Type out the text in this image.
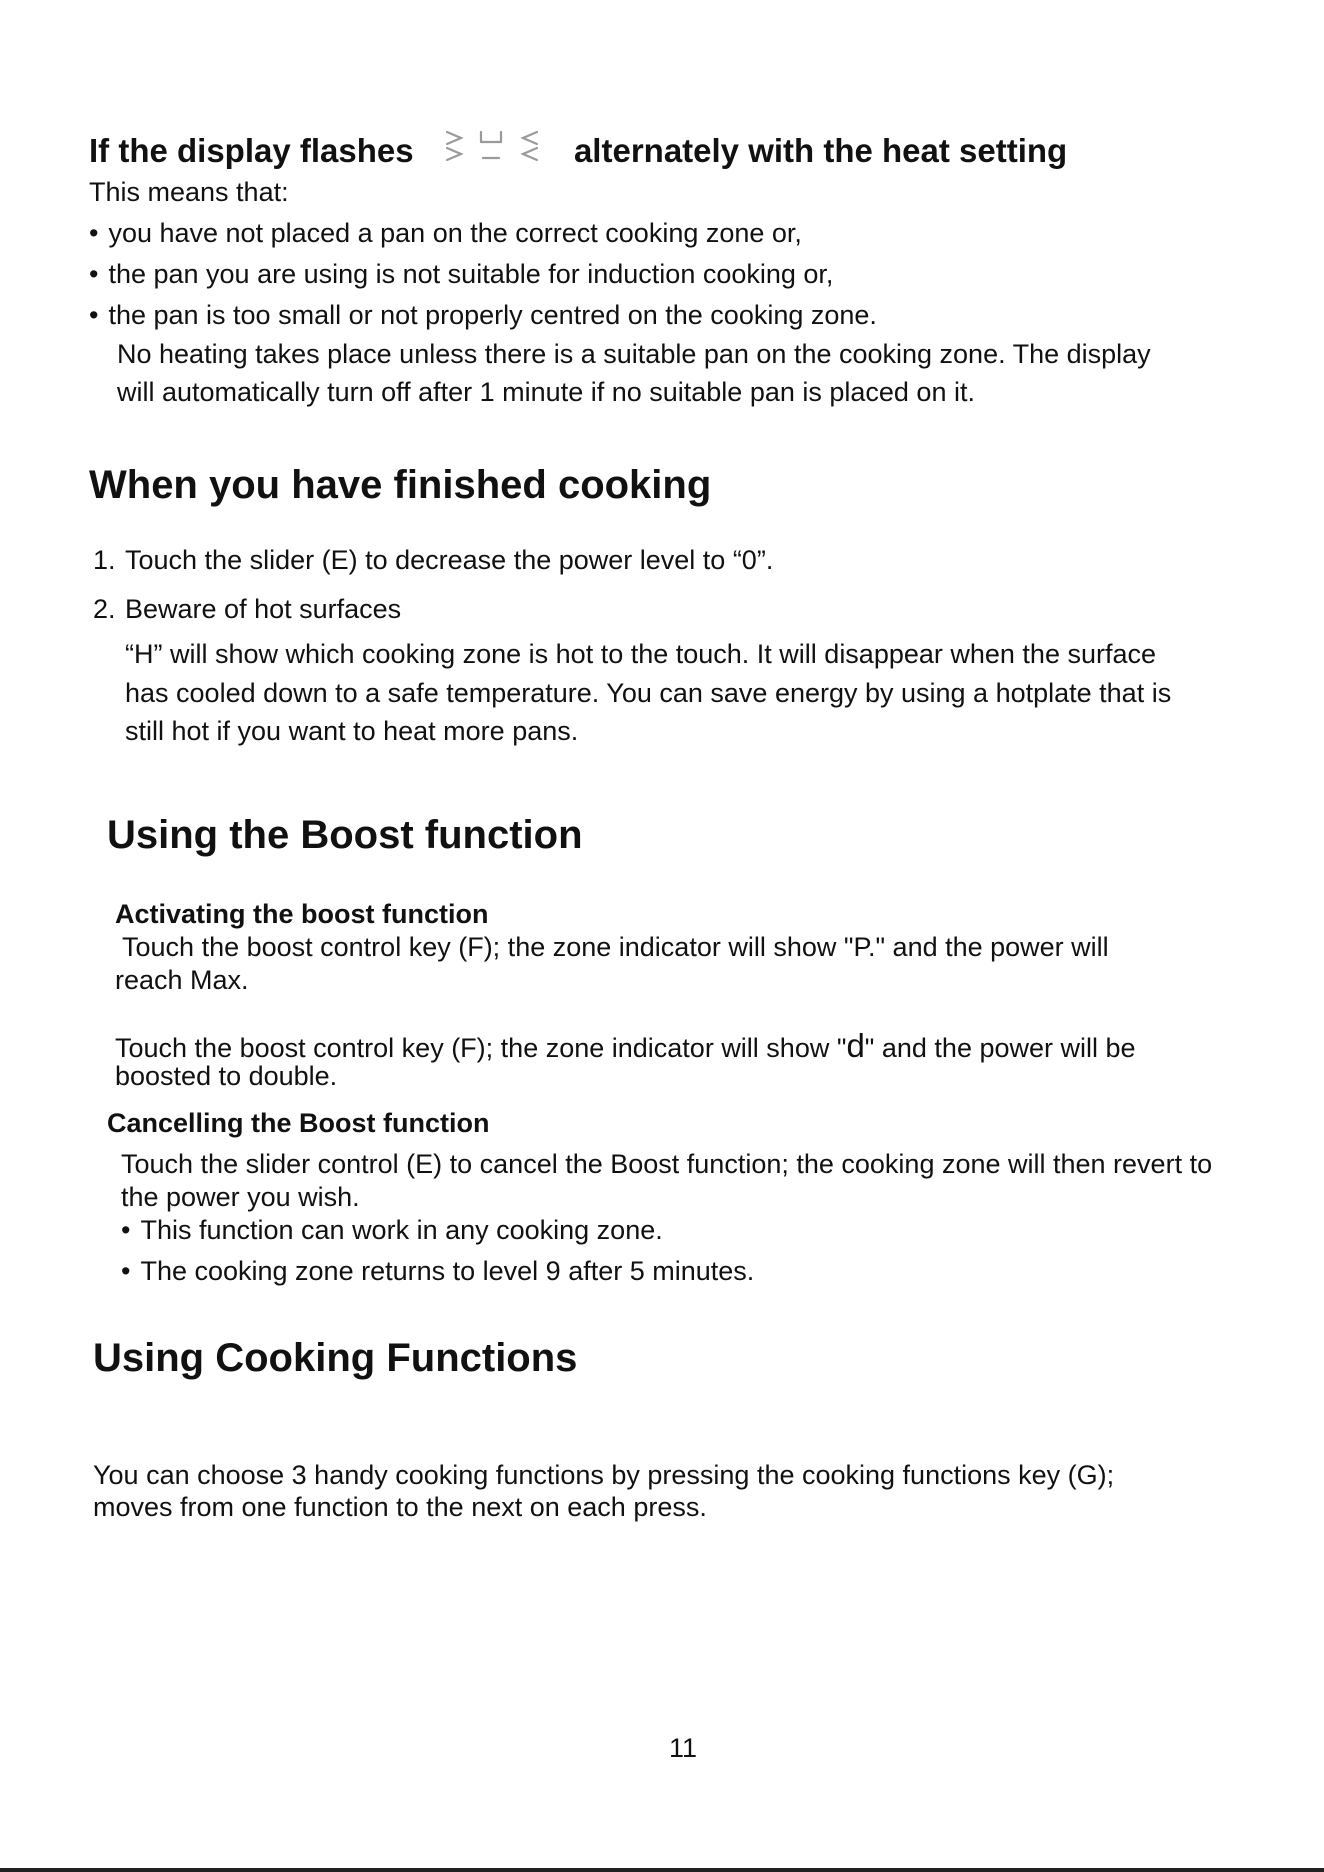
If the display flashes	alternately with the heat setting
This means that:
• you have not placed a pan on the correct cooking zone or,
• the pan you are using is not suitable for induction cooking or,
• the pan is too small or not properly centred on the cooking zone.
No heating takes place unless there is a suitable pan on the cooking zone. The display
will automatically turn off after 1 minute if no suitable pan is placed on it.
When you have finished cooking
1. Touch the slider (E) to decrease the power level to “0”.
2. Beware of hot surfaces
“H” will show which cooking zone is hot to the touch. It will disappear when the surface
has cooled down to a safe temperature. You can save energy by using a hotplate that is
still hot if you want to heat more pans.
Using the Boost function
Activating the boost function
Touch the boost control key (F); the zone indicator will show "P." and the power will
reach Max.
Touch the boost control key (F); the zone indicator will show "d" and the power will be
boosted to double.
Cancelling the Boost function
Touch the slider control (E) to cancel the Boost function; the cooking zone will then revert to
the power you wish.
• This function can work in any cooking zone.
• The cooking zone returns to level 9 after 5 minutes.
Using Cooking Functions
You can choose 3 handy cooking functions by pressing the cooking functions key (G);
moves from one function to the next on each press.
11
